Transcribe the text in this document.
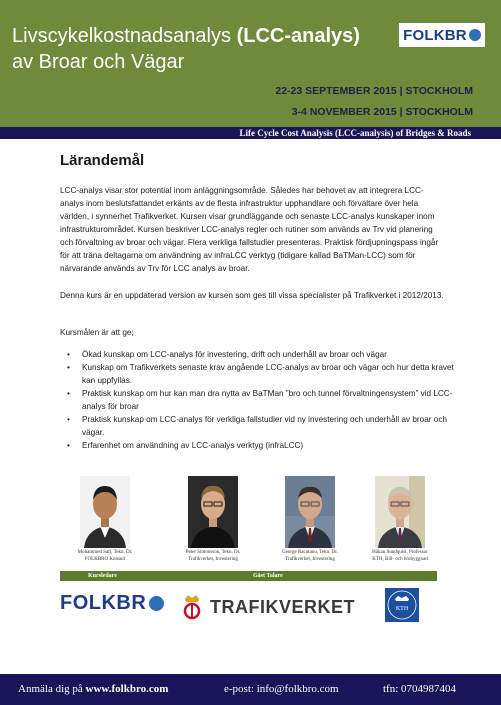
Livscykelkostnadsanalys (LCC-analys)
av Broar och Vägar
FOLKBR
22-23 SEPTEMBER 2015 | STOCKHOLM
3-4 NOVEMBER 2015 | STOCKHOLM
Life Cycle Cost Analysis (LCC-analysis) of Bridges & Roads
Lärandemål
LCC-analys visar stor potential inom anläggningsområde. Således har behovet av att integrera LCC-analys inom beslutsfattandet erkänts av de flesta infrastruktur upphandlare och förvaltare över hela världen, i synnerhet Trafikverket. Kursen visar grundläggande och senaste LCC-analys kunskaper inom infrastrukturområdet. Kursen beskriver LCC-analys regler och rutiner som används av Trv vid planering och förvaltning av broar och vägar. Flera verkliga fallstudier presenteras. Praktisk fördjupningspass ingår för att träna deltagarna om användning av infraLCC verktyg (tidigare kallad BaTMan-LCC) som för närvarande används av Trv för LCC analys av broar.
Denna kurs är en uppdaterad version av kursen som ges till vissa specialister på Trafikverket i 2012/2013.
Kursmålen är att ge;
• Ökad kunskap om LCC-analys för investering, drift och underhåll av broar och vägar
• Kunskap om Trafikverkets senaste krav angående LCC-analys av broar och vägar och hur detta kravet kan uppfyllas.
• Praktisk kunskap om hur kan man dra nytta av BaTMan ”bro och tunnel förvaltningensystem” vid LCC-analys för broar
• Praktisk kunskap om LCC-analys för verkliga fallstudier vid ny investering och underhåll av broar och vägar.
• Erfarenhet om användning av LCC-analys verktyg (infraLCC)
Mohammed Safi, Tekn. Dr.
FOLKBRO Konsult
Peter Simonsson, Tekn. Dr.
Trafikverket, Investering
George Racutanu, Tekn. Dr.
Trafikverket, Investering
Håkan Sundquist, Professor
KTH, Bill- och brobyggnad
Kursledare	Gäst Talare
FOLKBR	TRAFIKVERKET	KTH
Anmäla dig på www.folkbro.com	e-post: info@folkbro.com	tfn: 0704987404
